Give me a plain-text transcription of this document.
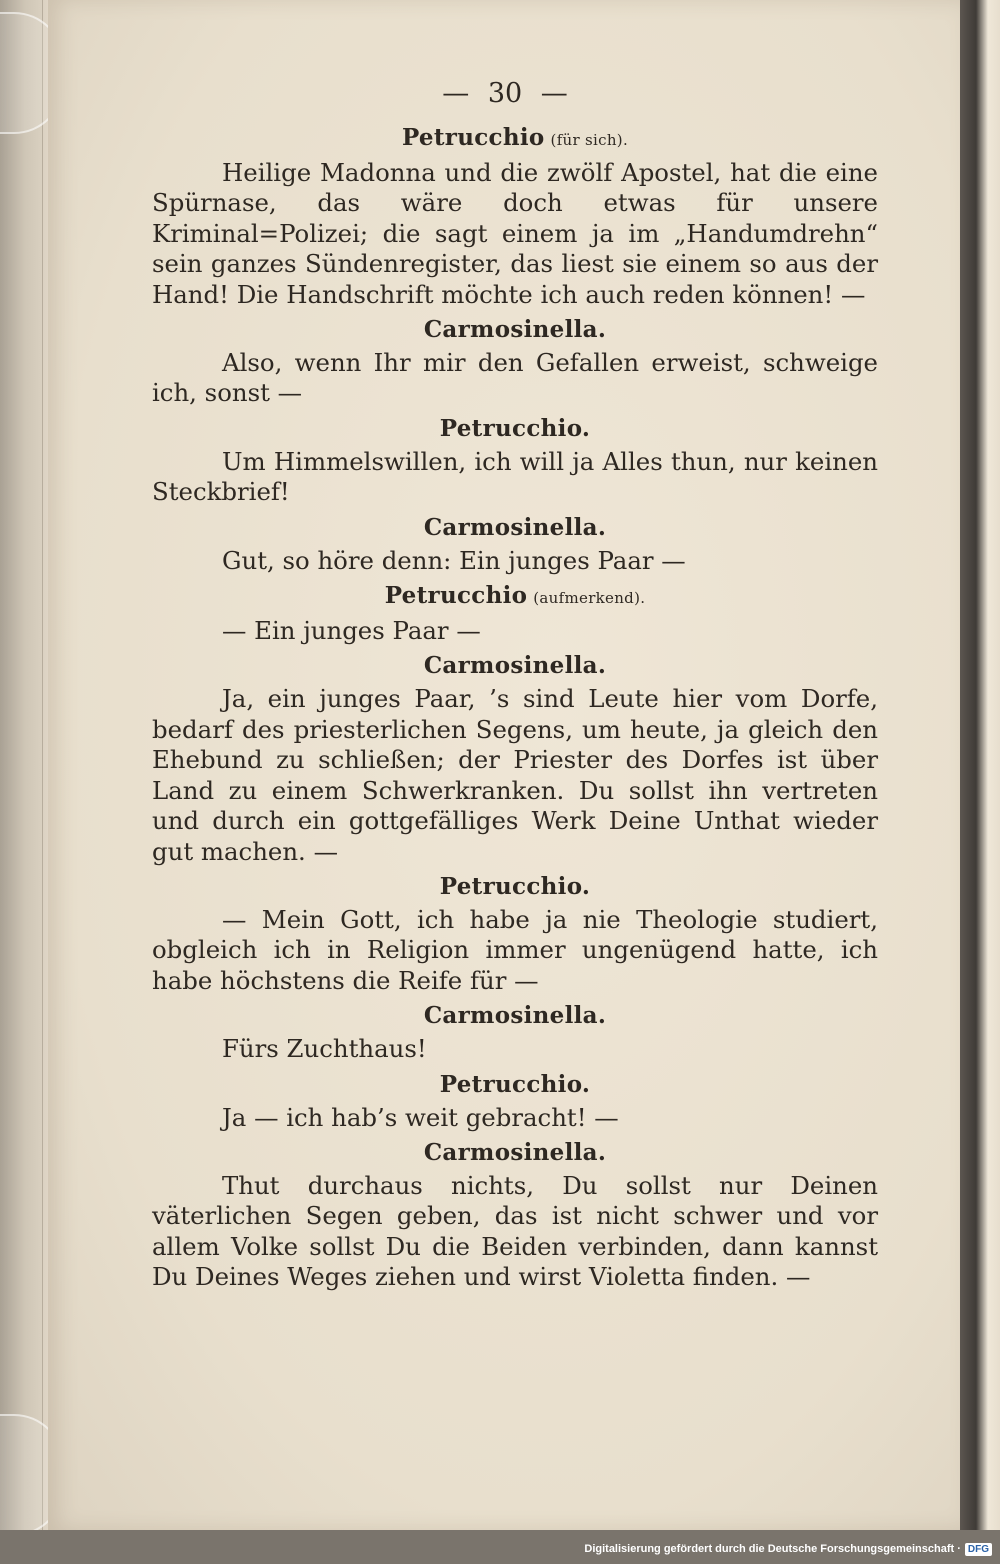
— 30 —
Petrucchio (für sich).

Heilige Madonna und die zwölf Apostel, hat die eine Spürnase, das wäre doch etwas für unsere Kriminal=Polizei; die sagt einem ja im „Handumdrehn“ sein ganzes Sündenregister, das liest sie einem so aus der Hand! Die Handschrift möchte ich auch reden können! —

Carmosinella.

Also, wenn Ihr mir den Gefallen erweist, schweige ich, sonst —

Petrucchio.

Um Himmelswillen, ich will ja Alles thun, nur keinen Steckbrief!

Carmosinella.

Gut, so höre denn: Ein junges Paar —

Petrucchio (aufmerkend).

— Ein junges Paar —

Carmosinella.

Ja, ein junges Paar, ’s sind Leute hier vom Dorfe, bedarf des priesterlichen Segens, um heute, ja gleich den Ehebund zu schließen; der Priester des Dorfes ist über Land zu einem Schwerkranken. Du sollst ihn vertreten und durch ein gottgefälliges Werk Deine Unthat wieder gut machen. —

Petrucchio.

— Mein Gott, ich habe ja nie Theologie studiert, obgleich ich in Religion immer ungenügend hatte, ich habe höchstens die Reife für —

Carmosinella.

Fürs Zuchthaus!

Petrucchio.

Ja — ich hab’s weit gebracht! —

Carmosinella.

Thut durchaus nichts, Du sollst nur Deinen väterlichen Segen geben, das ist nicht schwer und vor allem Volke sollst Du die Beiden verbinden, dann kannst Du Deines Weges ziehen und wirst Violetta finden. —

Digitalisierung gefördert durch die Deutsche Forschungsgemeinschaft · DFG
